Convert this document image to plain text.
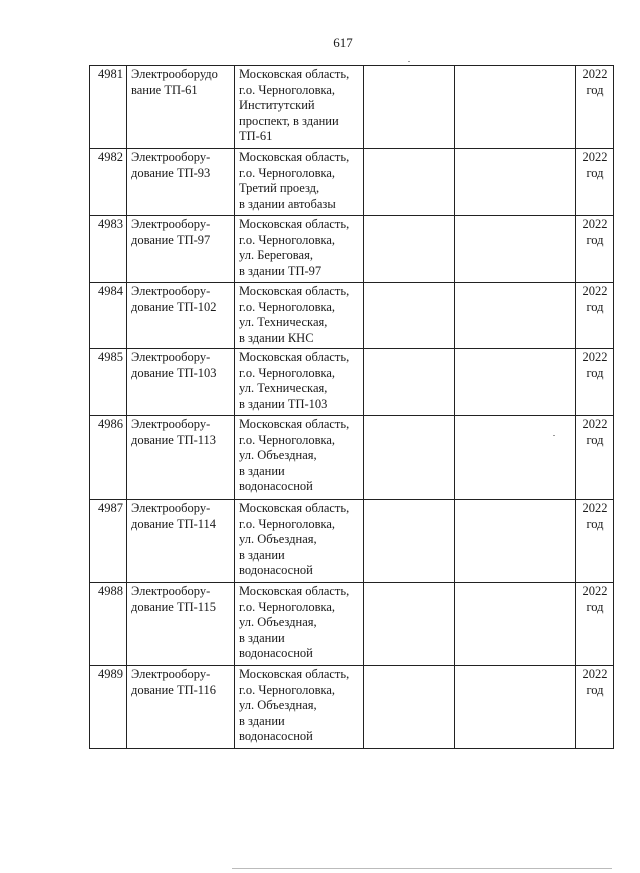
617
4981	Электрооборудо
вание ТП-61	Московская область,
г.о. Черноголовка,
Институтский
проспект, в здании
ТП-61			2022
год

4982	Электрообору-
дование ТП-93	Московская область,
г.о. Черноголовка,
Третий проезд,
в здании автобазы			2022
год

4983	Электрообору-
дование ТП-97	Московская область,
г.о. Черноголовка,
ул. Береговая,
в здании ТП-97			2022
год

4984	Электрообору-
дование ТП-102	Московская область,
г.о. Черноголовка,
ул. Техническая,
в здании КНС			2022
год

4985	Электрообору-
дование ТП-103	Московская область,
г.о. Черноголовка,
ул. Техническая,
в здании ТП-103			2022
год

4986	Электрообору-
дование ТП-113	Московская область,
г.о. Черноголовка,
ул. Объездная,
в здании
водонасосной			2022
год

4987	Электрообору-
дование ТП-114	Московская область,
г.о. Черноголовка,
ул. Объездная,
в здании
водонасосной			2022
год

4988	Электрообору-
дование ТП-115	Московская область,
г.о. Черноголовка,
ул. Объездная,
в здании
водонасосной			2022
год

4989	Электрообору-
дование ТП-116	Московская область,
г.о. Черноголовка,
ул. Объездная,
в здании
водонасосной			2022
год
